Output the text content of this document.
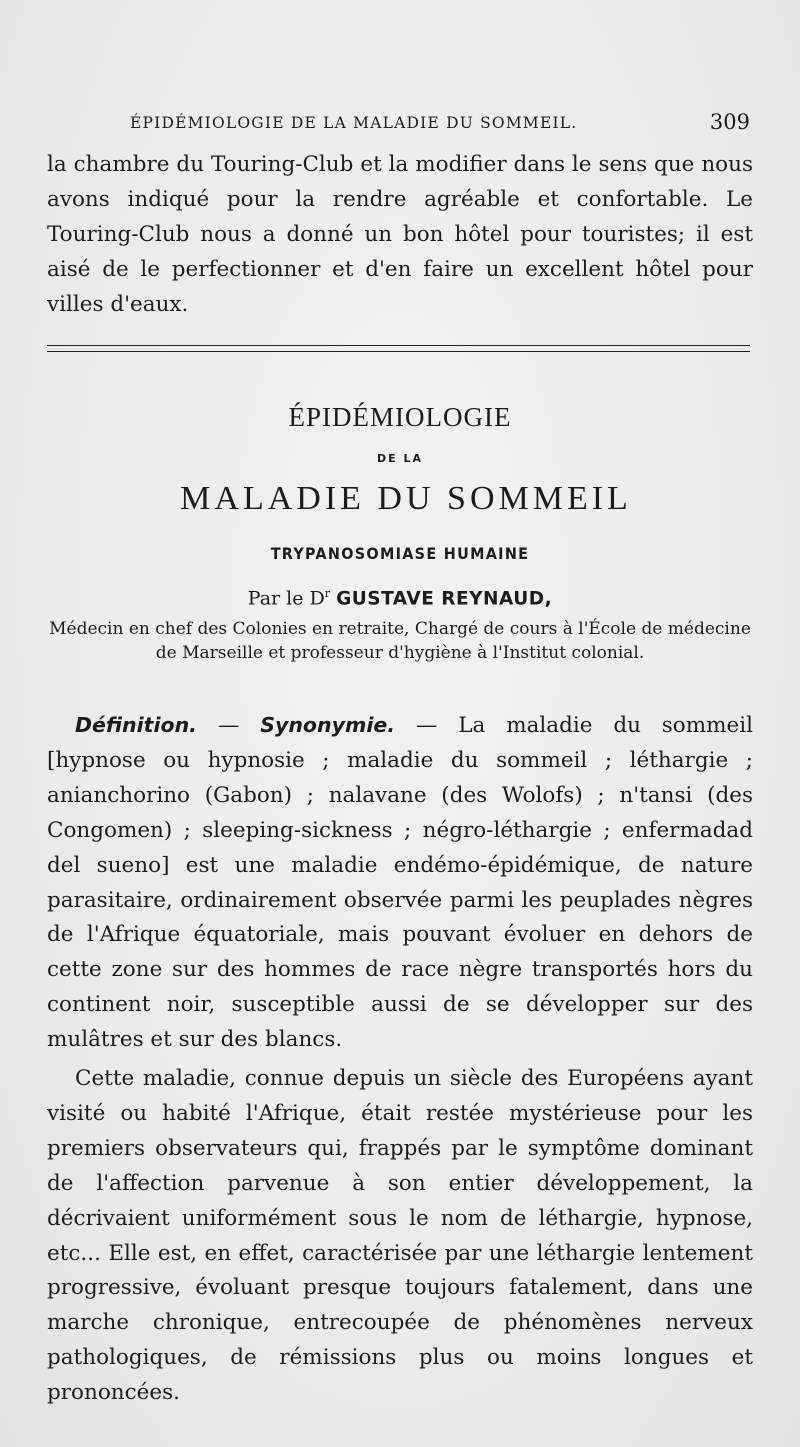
ÉPIDÉMIOLOGIE DE LA MALADIE DU SOMMEIL.	309
la chambre du Touring-Club et la modifier dans le sens que nous avons indiqué pour la rendre agréable et confortable. Le Touring-Club nous a donné un bon hôtel pour touristes; il est aisé de le perfectionner et d'en faire un excellent hôtel pour villes d'eaux.
ÉPIDÉMIOLOGIE
DE LA
MALADIE DU SOMMEIL
TRYPANOSOMIASE HUMAINE
Par le $D^r$ GUSTAVE REYNAUD,
Médecin en chef des Colonies en retraite, Chargé de cours à l'École de médecine de Marseille et professeur d'hygiène à l'Institut colonial.
Définition. — Synonymie. — La maladie du sommeil [hypnose ou hypnosie ; maladie du sommeil ; léthargie ; anianchorino (Gabon) ; nalavane (des Wolofs) ; n'tansi (des Congomen) ; sleeping-sickness ; négro-léthargie ; enfermadad del sueno] est une maladie endémo-épidémique, de nature parasitaire, ordinairement observée parmi les peuplades nègres de l'Afrique équatoriale, mais pouvant évoluer en dehors de cette zone sur des hommes de race nègre transportés hors du continent noir, susceptible aussi de se développer sur des mulâtres et sur des blancs.
Cette maladie, connue depuis un siècle des Européens ayant visité ou habité l'Afrique, était restée mystérieuse pour les premiers observateurs qui, frappés par le symptôme dominant de l'affection parvenue à son entier développement, la décrivaient uniformément sous le nom de léthargie, hypnose, etc... Elle est, en effet, caractérisée par une léthargie lentement progressive, évoluant presque toujours fatalement, dans une marche chronique, entrecoupée de phénomènes nerveux pathologiques, de rémissions plus ou moins longues et prononcées.
